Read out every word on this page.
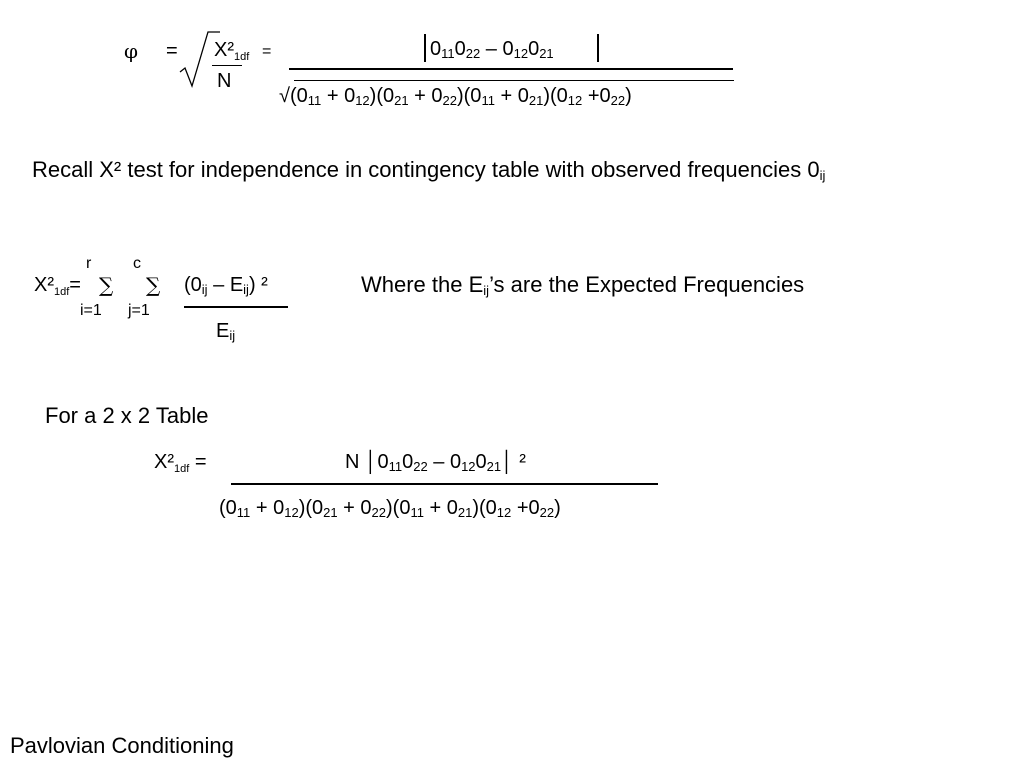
$\varphi = X^2_{1df}$ =
N
011022 – 012021
√(011 + 012)(021 + 022)(011 + 021)(012 +022)
Recall X² test for independence in contingency table with observed frequencies 0ij
$X^2_{1df}=$
r
∑
i=1
c
∑
j=1
(0ij – Eij) ²
Eij
Where the Eij’s are the Expected Frequencies
For a 2 x 2 Table
$X^2_{1df}$ =	N │011022 – 012021│ ²
(011 + 012)(021 + 022)(011 + 021)(012 +022)
Pavlovian Conditioning
